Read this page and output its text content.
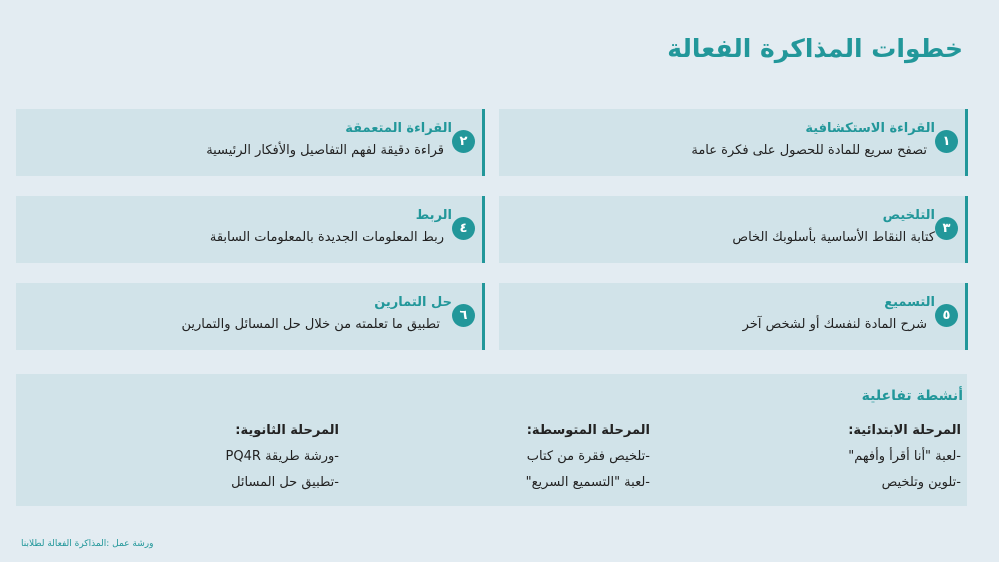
خطوات المذاكرة الفعالة
١
القراءة الاستكشافية
تصفح سريع للمادة للحصول على فكرة عامة
٢
القراءة المتعمقة
قراءة دقيقة لفهم التفاصيل والأفكار الرئيسية
٣
التلخيص
كتابة النقاط الأساسية بأسلوبك الخاص
٤
الربط
ربط المعلومات الجديدة بالمعلومات السابقة
٥
التسميع
شرح المادة لنفسك أو لشخص آخر
٦
حل التمارين
تطبيق ما تعلمته من خلال حل المسائل والتمارين
أنشطة تفاعلية
المرحلة الابتدائية:
-لعبة "أنا أقرأ وأفهم"
-تلوين وتلخيص
المرحلة المتوسطة:
-تلخيص فقرة من كتاب
-لعبة "التسميع السريع"
المرحلة الثانوية:
-ورشة طريقة PQ4R
-تطبيق حل المسائل
ورشة عمل :المذاكرة الفعالة لطلابنا
